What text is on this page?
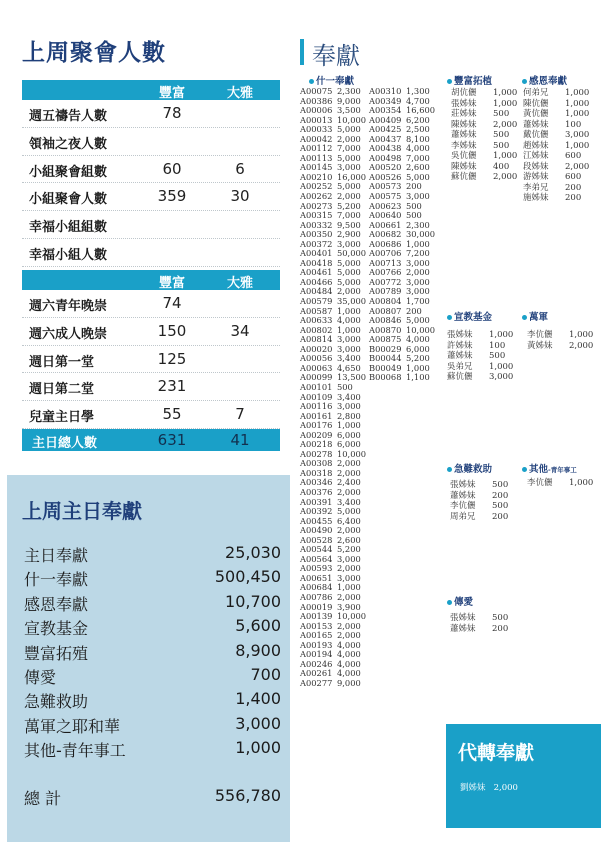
上周聚會人數
豐富	大雅
週五禱告人數	78
領袖之夜人數
小組聚會組數	60	6
小組聚會人數	359	30
幸福小組組數
幸福小組人數
豐富	大雅
週六青年晚崇	74
週六成人晚崇	150	34
週日第一堂	125
週日第二堂	231
兒童主日學	55	7
主日總人數	631	41
上周主日奉獻
主日奉獻	25,030
什一奉獻	500,450
感恩奉獻	10,700
宣教基金	5,600
豐富拓殖	8,900
傳愛	700
急難救助	1,400
萬軍之耶和華	3,000
其他-青年事工	1,000
總 計	556,780
奉獻
什一奉獻
A00075 2,300
A00386 9,000
A00006 3,500
A00013 10,000
A00033 5,000
A00042 2,000
A00112 7,000
A00113 5,000
A00145 3,000
A00210 16,000
A00252 5,000
A00262 2,000
A00273 5,200
A00315 7,000
A00332 9,500
A00350 2,900
A00372 3,000
A00401 50,000
A00418 5,000
A00461 5,000
A00466 5,000
A00484 2,000
A00579 35,000
A00587 1,000
A00633 4,000
A00802 1,000
A00814 3,000
A00020 3,000
A00056 3,400
A00063 4,650
A00099 13,500
A00101 500
A00109 3,400
A00116 3,000
A00161 2,800
A00176 1,000
A00209 6,000
A00218 6,000
A00278 10,000
A00308 2,000
A00318 2,000
A00346 2,400
A00376 2,000
A00391 3,400
A00392 5,000
A00455 6,400
A00490 2,000
A00528 2,600
A00544 5,200
A00564 3,000
A00593 2,000
A00651 3,000
A00684 1,000
A00786 2,000
A00019 3,900
A00139 10,000
A00153 2,000
A00165 2,000
A00193 4,000
A00194 4,000
A00246 4,000
A00261 4,000
A00277 9,000
A00310 1,300
A00349 4,700
A00354 16,600
A00409 6,200
A00425 2,500
A00437 8,100
A00438 4,000
A00498 7,000
A00520 2,600
A00526 5,000
A00573 200
A00575 3,000
A00623 500
A00640 500
A00661 2,300
A00682 30,000
A00686 1,000
A00706 7,200
A00713 3,000
A00766 2,000
A00772 3,000
A00789 3,000
A00804 1,700
A00807 200
A00846 5,000
A00870 10,000
A00875 4,000
B00029 6,000
B00044 5,200
B00049 1,000
B00068 1,100
豐富拓植
胡伉儷 1,000
張姊妹 1,000
莊姊妹 500
陳姊妹 2,000
蕭姊妹 500
李姊妹 500
吳伉儷 1,000
陳姊妹 400
蘇伉儷 2,000
感恩奉獻
何弟兄 1,000
陳伉儷 1,000
黃伉儷 1,000
蕭姊妹 100
戴伉儷 3,000
趙姊妹 1,000
江姊妹 600
段姊妹 2,000
游姊妹 600
李弟兄 200
施姊妹 200
宣教基金
張姊妹 1,000
許姊妹 100
蕭姊妹 500
吳弟兄 1,000
蘇伉儷 3,000
萬軍
李伉儷 1,000
黃姊妹 2,000
急難救助
張姊妹 500
蕭姊妹 200
李伉儷 500
周弟兄 200
其他-青年事工
李伉儷 1,000
傳愛
張姊妹 500
蕭姊妹 200
代轉奉獻
劉姊妹 2,000
